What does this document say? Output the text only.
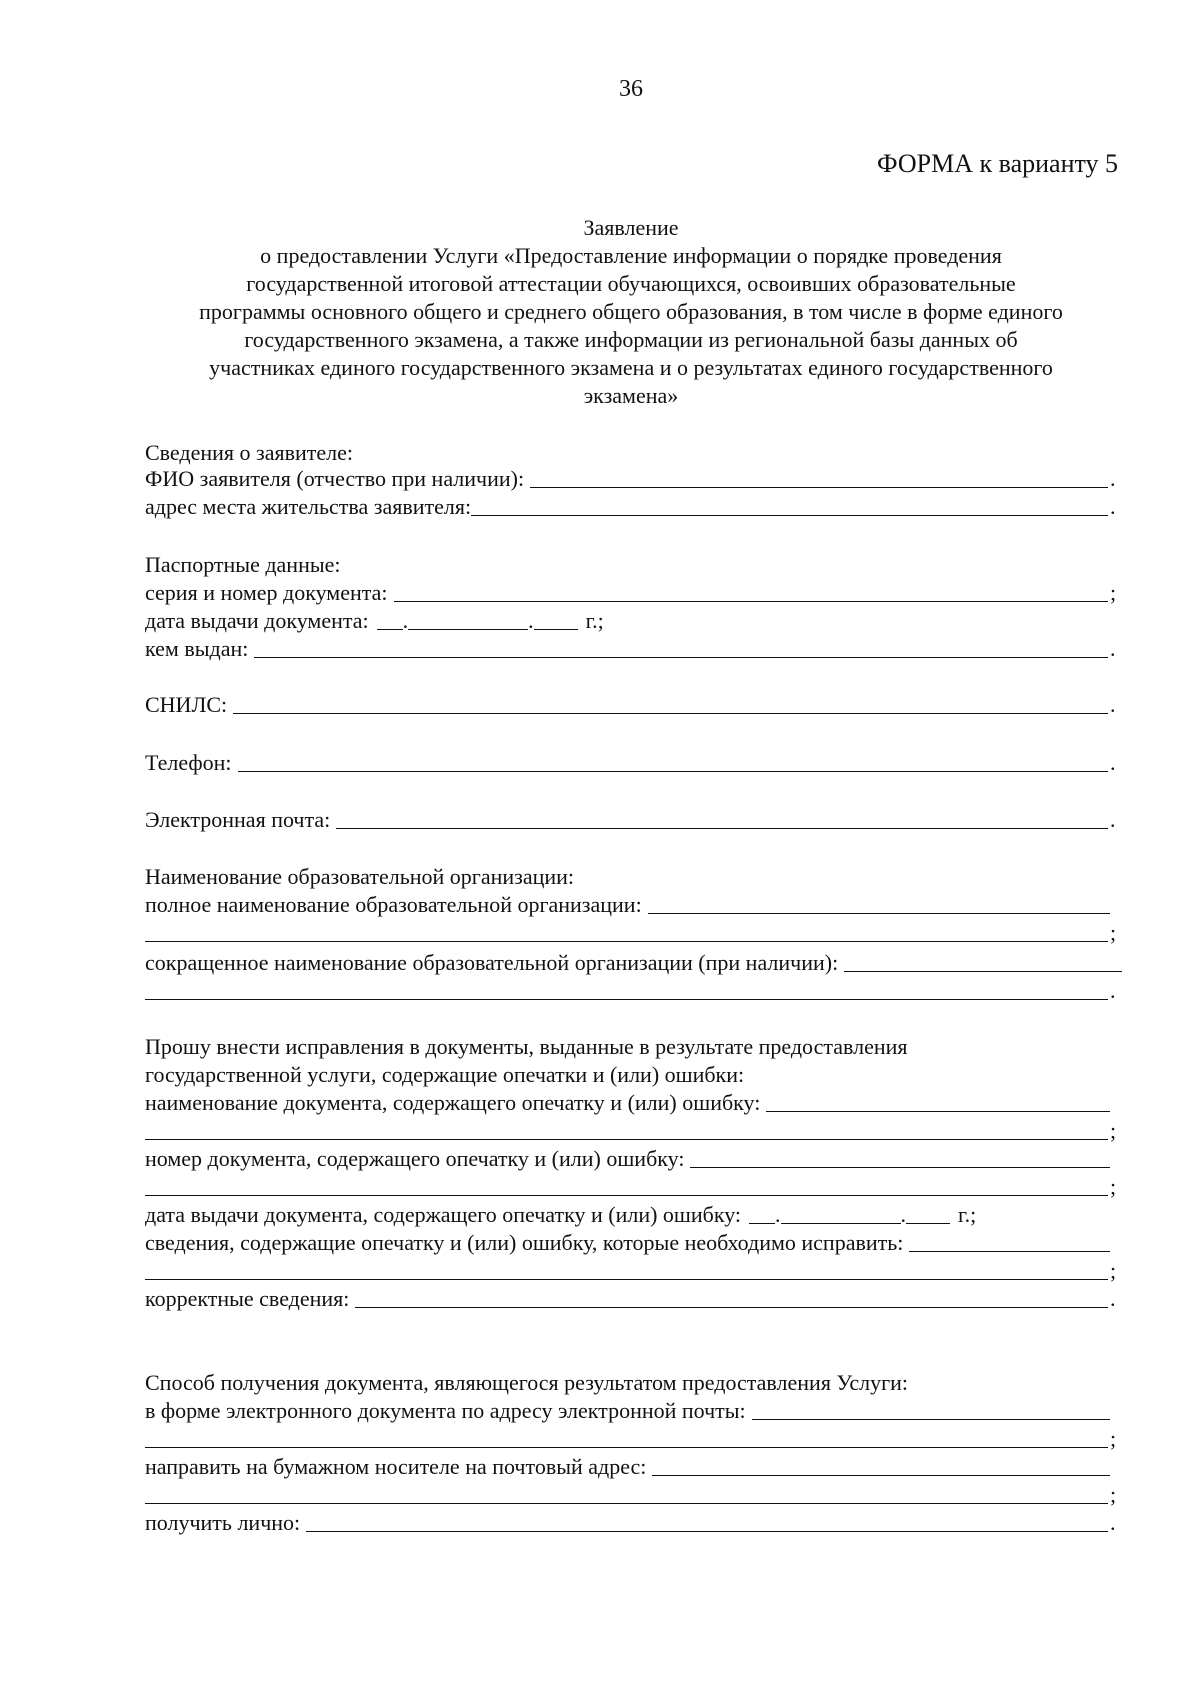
36
ФОРМА к варианту 5
Заявление
о предоставлении Услуги «Предоставление информации о порядке проведения
государственной итоговой аттестации обучающихся, освоивших образовательные
программы основного общего и среднего общего образования, в том числе в форме единого
государственного экзамена, а также информации из региональной базы данных об
участниках единого государственного экзамена и о результатах единого государственного
экзамена»
Сведения о заявителе:
ФИО заявителя (отчество при наличии):	.
адрес места жительства заявителя:	.
Паспортные данные:
серия и номер документа:	;
дата выдачи документа: .	. г.;
кем выдан:	.
СНИЛС:	.
Телефон:	.
Электронная почта:	.
Наименование образовательной организации:
полное наименование образовательной организации:
;
сокращенное наименование образовательной организации (при наличии):
.
Прошу внести исправления в документы, выданные в результате предоставления
государственной услуги, содержащие опечатки и (или) ошибки:
наименование документа, содержащего опечатку и (или) ошибку:
;
номер документа, содержащего опечатку и (или) ошибку:
;
дата выдачи документа, содержащего опечатку и (или) ошибку: .	. г.;
сведения, содержащие опечатку и (или) ошибку, которые необходимо исправить:
;
корректные сведения:	.
Способ получения документа, являющегося результатом предоставления Услуги:
в форме электронного документа по адресу электронной почты:
;
направить на бумажном носителе на почтовый адрес:
;
получить лично:	.
